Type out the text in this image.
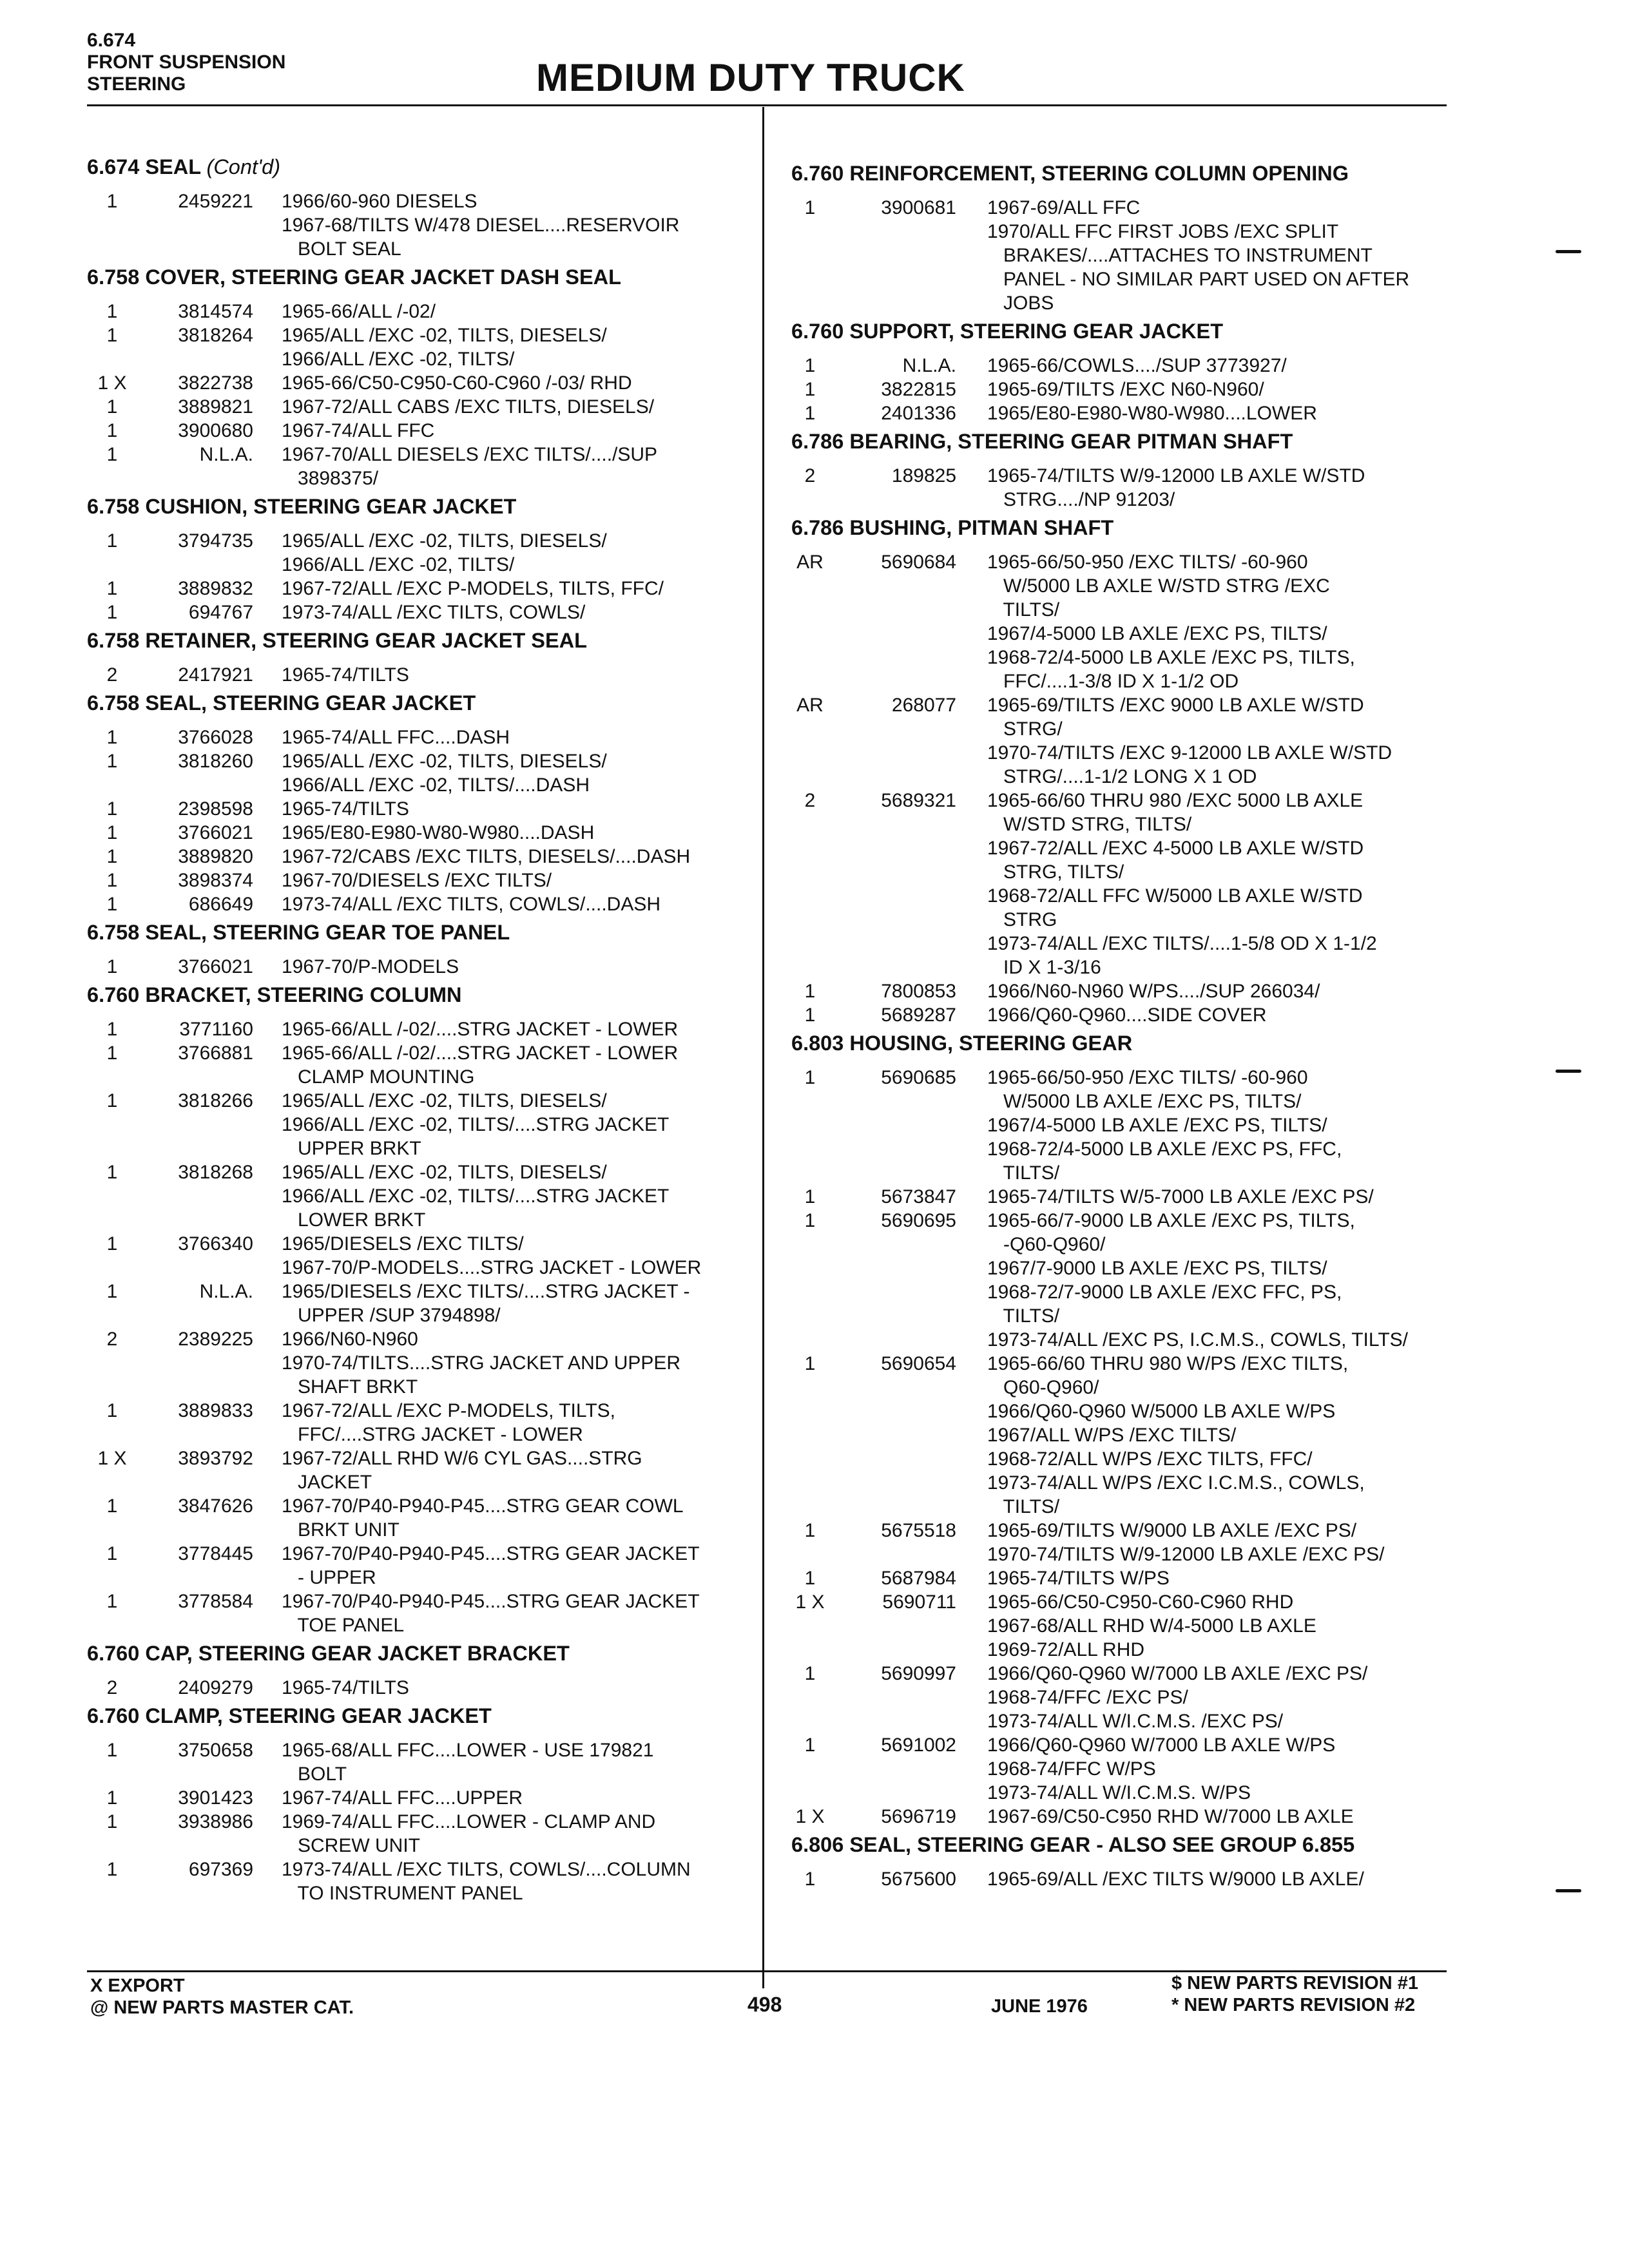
6.674
FRONT SUSPENSION
STEERING	MEDIUM DUTY TRUCK
6.674 SEAL (Cont'd)
1	2459221	1966/60-960 DIESELS
1967-68/TILTS W/478 DIESEL....RESERVOIR
BOLT SEAL
6.758 COVER, STEERING GEAR JACKET DASH SEAL
1	3814574	1965-66/ALL /-02/
1	3818264	1965/ALL /EXC -02, TILTS, DIESELS/
1966/ALL /EXC -02, TILTS/
1 X	3822738	1965-66/C50-C950-C60-C960 /-03/ RHD
1	3889821	1967-72/ALL CABS /EXC TILTS, DIESELS/
1	3900680	1967-74/ALL FFC
1	N.L.A.	1967-70/ALL DIESELS /EXC TILTS/..../SUP
3898375/
6.758 CUSHION, STEERING GEAR JACKET
1	3794735	1965/ALL /EXC -02, TILTS, DIESELS/
1966/ALL /EXC -02, TILTS/
1	3889832	1967-72/ALL /EXC P-MODELS, TILTS, FFC/
1	694767	1973-74/ALL /EXC TILTS, COWLS/
6.758 RETAINER, STEERING GEAR JACKET SEAL
2	2417921	1965-74/TILTS
6.758 SEAL, STEERING GEAR JACKET
1	3766028	1965-74/ALL FFC....DASH
1	3818260	1965/ALL /EXC -02, TILTS, DIESELS/
1966/ALL /EXC -02, TILTS/....DASH
1	2398598	1965-74/TILTS
1	3766021	1965/E80-E980-W80-W980....DASH
1	3889820	1967-72/CABS /EXC TILTS, DIESELS/....DASH
1	3898374	1967-70/DIESELS /EXC TILTS/
1	686649	1973-74/ALL /EXC TILTS, COWLS/....DASH
6.758 SEAL, STEERING GEAR TOE PANEL
1	3766021	1967-70/P-MODELS
6.760 BRACKET, STEERING COLUMN
1	3771160	1965-66/ALL /-02/....STRG JACKET - LOWER
1	3766881	1965-66/ALL /-02/....STRG JACKET - LOWER
CLAMP MOUNTING
1	3818266	1965/ALL /EXC -02, TILTS, DIESELS/
1966/ALL /EXC -02, TILTS/....STRG JACKET
UPPER BRKT
1	3818268	1965/ALL /EXC -02, TILTS, DIESELS/
1966/ALL /EXC -02, TILTS/....STRG JACKET
LOWER BRKT
1	3766340	1965/DIESELS /EXC TILTS/
1967-70/P-MODELS....STRG JACKET - LOWER
1	N.L.A.	1965/DIESELS /EXC TILTS/....STRG JACKET -
UPPER /SUP 3794898/
2	2389225	1966/N60-N960
1970-74/TILTS....STRG JACKET AND UPPER
SHAFT BRKT
1	3889833	1967-72/ALL /EXC P-MODELS, TILTS,
FFC/....STRG JACKET - LOWER
1 X	3893792	1967-72/ALL RHD W/6 CYL GAS....STRG
JACKET
1	3847626	1967-70/P40-P940-P45....STRG GEAR COWL
BRKT UNIT
1	3778445	1967-70/P40-P940-P45....STRG GEAR JACKET
- UPPER
1	3778584	1967-70/P40-P940-P45....STRG GEAR JACKET
TOE PANEL
6.760 CAP, STEERING GEAR JACKET BRACKET
2	2409279	1965-74/TILTS
6.760 CLAMP, STEERING GEAR JACKET
1	3750658	1965-68/ALL FFC....LOWER - USE 179821
BOLT
1	3901423	1967-74/ALL FFC....UPPER
1	3938986	1969-74/ALL FFC....LOWER - CLAMP AND
SCREW UNIT
1	697369	1973-74/ALL /EXC TILTS, COWLS/....COLUMN
TO INSTRUMENT PANEL
6.760 REINFORCEMENT, STEERING COLUMN OPENING
1	3900681	1967-69/ALL FFC
1970/ALL FFC FIRST JOBS /EXC SPLIT
BRAKES/....ATTACHES TO INSTRUMENT
PANEL - NO SIMILAR PART USED ON AFTER
JOBS
6.760 SUPPORT, STEERING GEAR JACKET
1	N.L.A.	1965-66/COWLS..../SUP 3773927/
1	3822815	1965-69/TILTS /EXC N60-N960/
1	2401336	1965/E80-E980-W80-W980....LOWER
6.786 BEARING, STEERING GEAR PITMAN SHAFT
2	189825	1965-74/TILTS W/9-12000 LB AXLE W/STD
STRG..../NP 91203/
6.786 BUSHING, PITMAN SHAFT
AR	5690684	1965-66/50-950 /EXC TILTS/ -60-960
W/5000 LB AXLE W/STD STRG /EXC
TILTS/
1967/4-5000 LB AXLE /EXC PS, TILTS/
1968-72/4-5000 LB AXLE /EXC PS, TILTS,
FFC/....1-3/8 ID X 1-1/2 OD
AR	268077	1965-69/TILTS /EXC 9000 LB AXLE W/STD
STRG/
1970-74/TILTS /EXC 9-12000 LB AXLE W/STD
STRG/....1-1/2 LONG X 1 OD
2	5689321	1965-66/60 THRU 980 /EXC 5000 LB AXLE
W/STD STRG, TILTS/
1967-72/ALL /EXC 4-5000 LB AXLE W/STD
STRG, TILTS/
1968-72/ALL FFC W/5000 LB AXLE W/STD
STRG
1973-74/ALL /EXC TILTS/....1-5/8 OD X 1-1/2
ID X 1-3/16
1	7800853	1966/N60-N960 W/PS..../SUP 266034/
1	5689287	1966/Q60-Q960....SIDE COVER
6.803 HOUSING, STEERING GEAR
1	5690685	1965-66/50-950 /EXC TILTS/ -60-960
W/5000 LB AXLE /EXC PS, TILTS/
1967/4-5000 LB AXLE /EXC PS, TILTS/
1968-72/4-5000 LB AXLE /EXC PS, FFC,
TILTS/
1	5673847	1965-74/TILTS W/5-7000 LB AXLE /EXC PS/
1	5690695	1965-66/7-9000 LB AXLE /EXC PS, TILTS,
-Q60-Q960/
1967/7-9000 LB AXLE /EXC PS, TILTS/
1968-72/7-9000 LB AXLE /EXC FFC, PS,
TILTS/
1973-74/ALL /EXC PS, I.C.M.S., COWLS, TILTS/
1	5690654	1965-66/60 THRU 980 W/PS /EXC TILTS,
Q60-Q960/
1966/Q60-Q960 W/5000 LB AXLE W/PS
1967/ALL W/PS /EXC TILTS/
1968-72/ALL W/PS /EXC TILTS, FFC/
1973-74/ALL W/PS /EXC I.C.M.S., COWLS,
TILTS/
1	5675518	1965-69/TILTS W/9000 LB AXLE /EXC PS/
1970-74/TILTS W/9-12000 LB AXLE /EXC PS/
1	5687984	1965-74/TILTS W/PS
1 X	5690711	1965-66/C50-C950-C60-C960 RHD
1967-68/ALL RHD W/4-5000 LB AXLE
1969-72/ALL RHD
1	5690997	1966/Q60-Q960 W/7000 LB AXLE /EXC PS/
1968-74/FFC /EXC PS/
1973-74/ALL W/I.C.M.S. /EXC PS/
1	5691002	1966/Q60-Q960 W/7000 LB AXLE W/PS
1968-74/FFC W/PS
1973-74/ALL W/I.C.M.S. W/PS
1 X	5696719	1967-69/C50-C950 RHD W/7000 LB AXLE
6.806 SEAL, STEERING GEAR - ALSO SEE GROUP 6.855
1	5675600	1965-69/ALL /EXC TILTS W/9000 LB AXLE/
X EXPORT
@ NEW PARTS MASTER CAT.	498	JUNE 1976
$ NEW PARTS REVISION #1
* NEW PARTS REVISION #2
